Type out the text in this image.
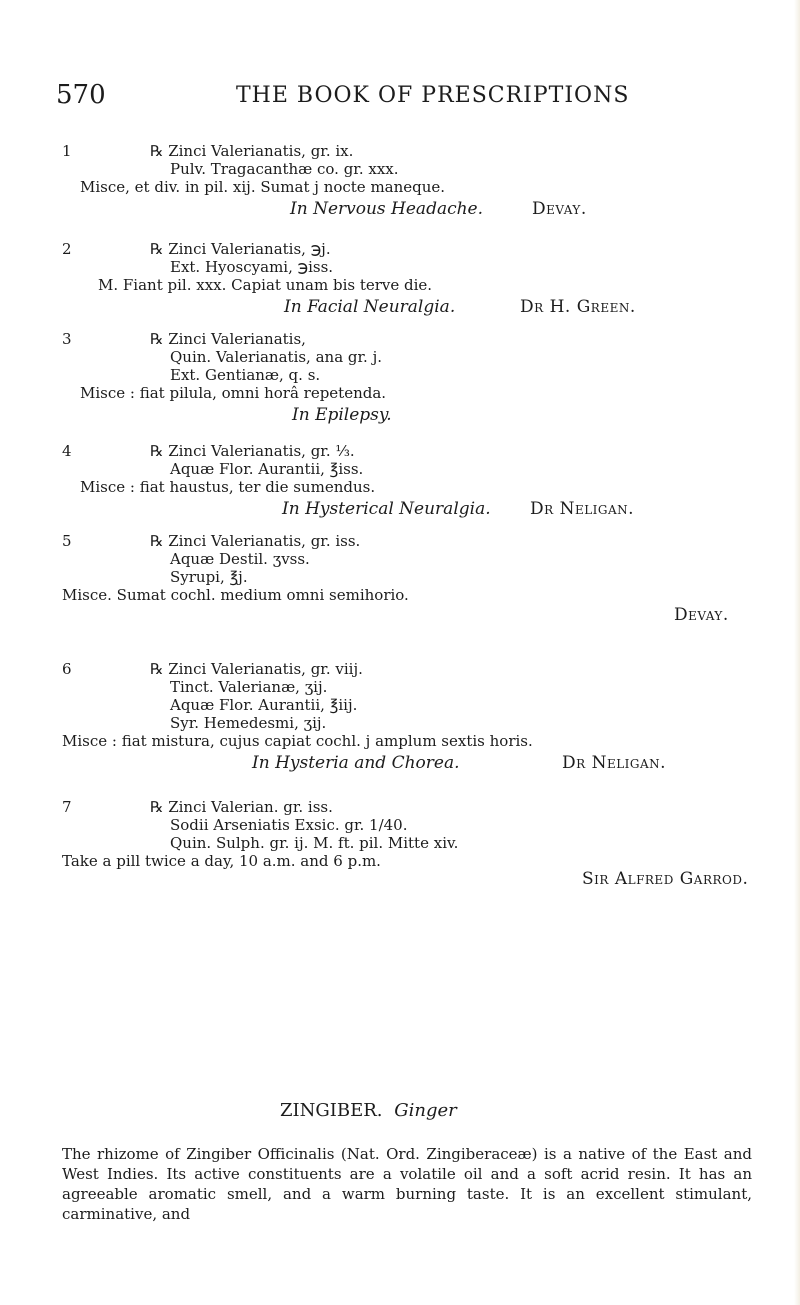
570	THE BOOK OF PRESCRIPTIONS
1	℞ Zinci Valerianatis, gr. ix.
Pulv. Tragacanthæ co. gr. xxx.
Misce, et div. in pil. xij. Sumat j nocte maneque.
In Nervous Headache.	Devay.
2	℞ Zinci Valerianatis, ℈j.
Ext. Hyoscyami, ℈iss.
M. Fiant pil. xxx. Capiat unam bis terve die.
In Facial Neuralgia.	Dr H. Green.
3	℞ Zinci Valerianatis,
Quin. Valerianatis, ana gr. j.
Ext. Gentianæ, q. s.
Misce : fiat pilula, omni horâ repetenda.
In Epilepsy.
4	℞ Zinci Valerianatis, gr. ⅓.
Aquæ Flor. Aurantii, ℥iss.
Misce : fiat haustus, ter die sumendus.
In Hysterical Neuralgia. Dr Neligan.
5	℞ Zinci Valerianatis, gr. iss.
Aquæ Destil. ʒvss.
Syrupi, ℥j.
Misce. Sumat cochl. medium omni semihorio.
Devay.
6	℞ Zinci Valerianatis, gr. viij.
Tinct. Valerianæ, ʒij.
Aquæ Flor. Aurantii, ℥iij.
Syr. Hemedesmi, ʒij.
Misce : fiat mistura, cujus capiat cochl. j amplum sextis horis.
In Hysteria and Chorea.	Dr Neligan.
7	℞ Zinci Valerian. gr. iss.
Sodii Arseniatis Exsic. gr. 1/40.
Quin. Sulph. gr. ij. M. ft. pil. Mitte xiv.
Take a pill twice a day, 10 a.m. and 6 p.m.
Sir Alfred Garrod.
ZINGIBER. Ginger
The rhizome of Zingiber Officinalis (Nat. Ord. Zingiberaceæ) is a native of the East and West Indies. Its active constituents are a volatile oil and a soft acrid resin. It has an agreeable aromatic smell, and a warm burning taste. It is an excellent stimulant, carminative, and
